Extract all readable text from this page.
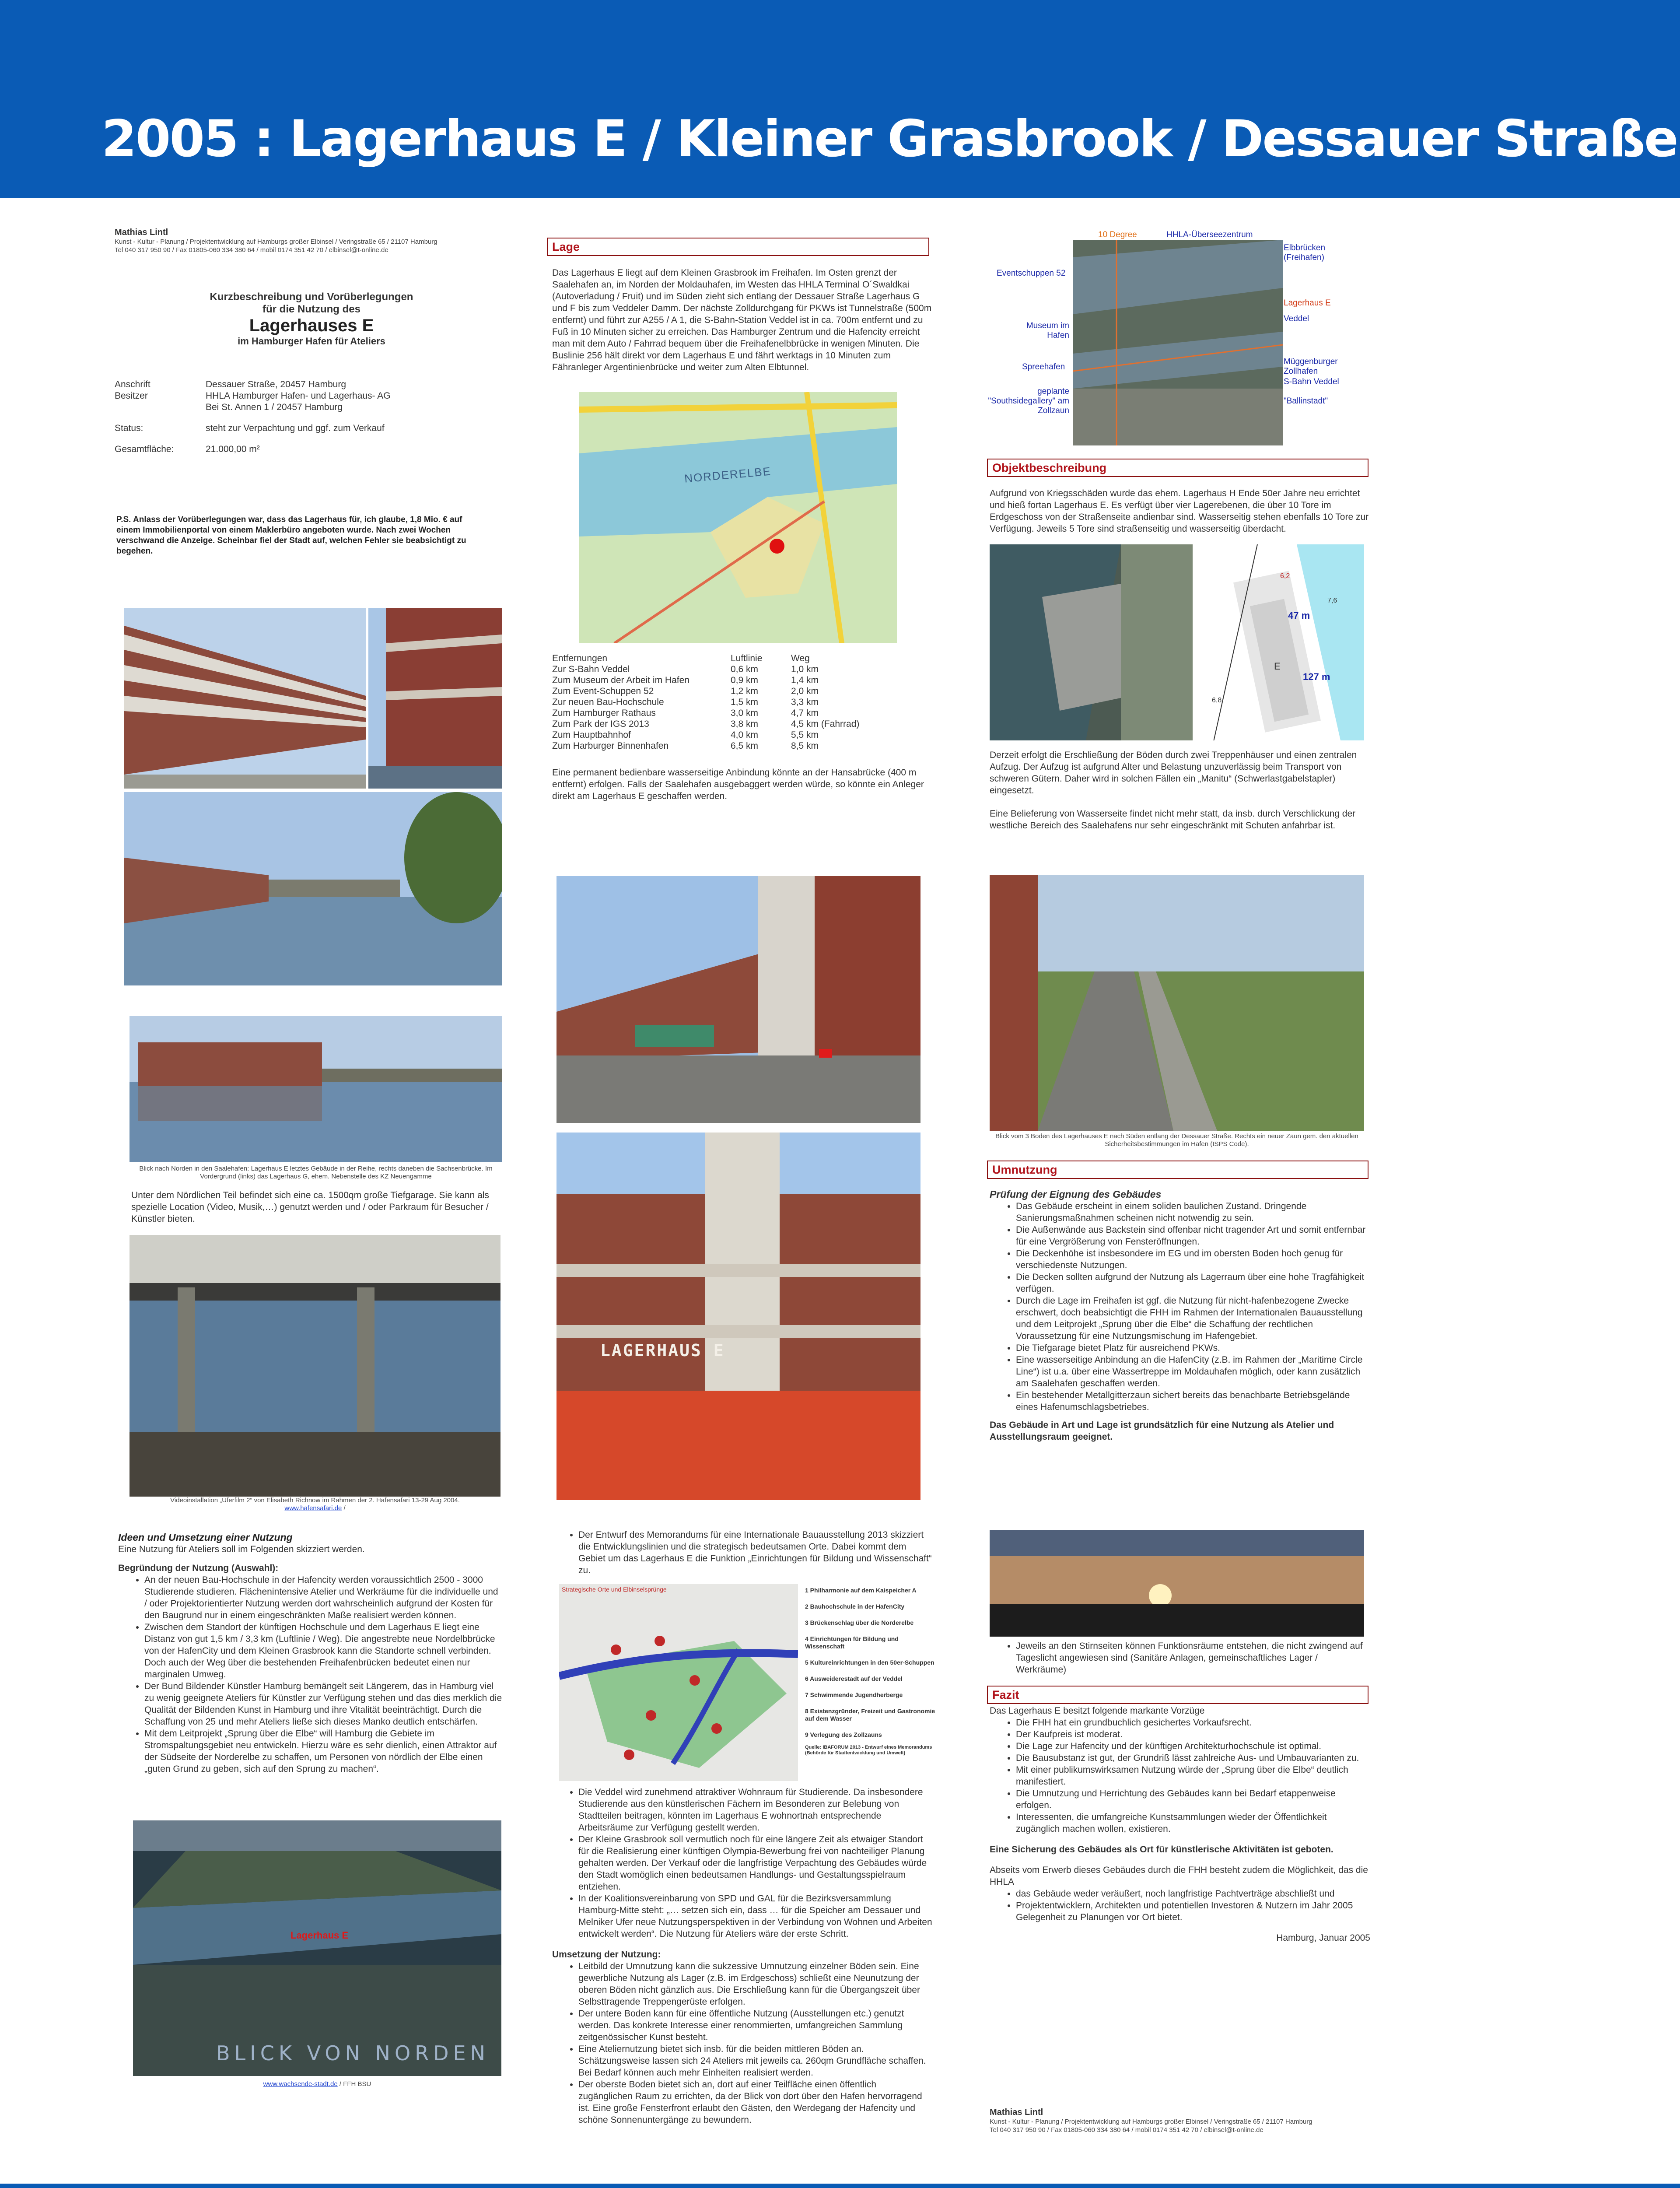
2005 : Lagerhaus E / Kleiner Grasbrook / Dessauer Straße
Mathias Lintl
Kunst - Kultur - Planung / Projektentwicklung auf Hamburgs großer Elbinsel / Veringstraße 65 / 21107 Hamburg
Tel 040 317 950 90 / Fax 01805-060 334 380 64 / mobil 0174 351 42 70 / elbinsel@t-online.de
Kurzbeschreibung und Vorüberlegungen
für die Nutzung des
Lagerhauses E
im Hamburger Hafen für Ateliers
Anschrift	Dessauer Straße, 20457 Hamburg
Besitzer	HHLA Hamburger Hafen- und Lagerhaus- AG
	Bei St. Annen 1 / 20457 Hamburg
Status:	steht zur Verpachtung und ggf. zum Verkauf
Gesamtfläche:	21.000,00 m²
P.S. Anlass der Vorüberlegungen war, dass das Lagerhaus für, ich glaube, 1,8 Mio. € auf einem Immobilienportal von einem Maklerbüro angeboten wurde. Nach zwei Wochen verschwand die Anzeige. Scheinbar fiel der Stadt auf, welchen Fehler sie beabsichtigt zu begehen.
Blick nach Norden in den Saalehafen: Lagerhaus E letztes Gebäude in der Reihe, rechts daneben die Sachsenbrücke. Im Vordergrund (links) das Lagerhaus G, ehem. Nebenstelle des KZ Neuengamme
Unter dem Nördlichen Teil befindet sich eine ca. 1500qm große Tiefgarage. Sie kann als spezielle Location (Video, Musik,…) genutzt werden und / oder Parkraum für Besucher / Künstler bieten.
Videoinstallation „Uferfilm 2“ von Elisabeth Richnow im Rahmen der 2. Hafensafari 13-29 Aug 2004.
www.hafensafari.de /
Ideen und Umsetzung einer Nutzung
Eine Nutzung für Ateliers soll im Folgenden skizziert werden.
Begründung der Nutzung (Auswahl):
• An der neuen Bau-Hochschule in der Hafencity werden voraussichtlich 2500 - 3000 Studierende studieren. Flächenintensive Atelier und Werkräume für die individuelle und / oder Projektorientierter Nutzung werden dort wahrscheinlich aufgrund der Kosten für den Baugrund nur in einem eingeschränkten Maße realisiert werden können.
• Zwischen dem Standort der künftigen Hochschule und dem Lagerhaus E liegt eine Distanz von gut 1,5 km / 3,3 km (Luftlinie / Weg). Die angestrebte neue Nordelbbrücke von der HafenCity und dem Kleinen Grasbrook kann die Standorte schnell verbinden. Doch auch der Weg über die bestehenden Freihafenbrücken bedeutet einen nur marginalen Umweg.
• Der Bund Bildender Künstler Hamburg bemängelt seit Längerem, das in Hamburg viel zu wenig geeignete Ateliers für Künstler zur Verfügung stehen und das dies merklich die Qualität der Bildenden Kunst in Hamburg und ihre Vitalität beeinträchtigt. Durch die Schaffung von 25 und mehr Ateliers ließe sich dieses Manko deutlich entschärfen.
• Mit dem Leitprojekt „Sprung über die Elbe“ will Hamburg die Gebiete im Stromspaltungsgebiet neu entwickeln. Hierzu wäre es sehr dienlich, einen Attraktor auf der Südseite der Norderelbe zu schaffen, um Personen von nördlich der Elbe einen „guten Grund zu geben, sich auf den Sprung zu machen“.
Lagerhaus E
BLICK VON NORDEN
www.wachsende-stadt.de / FFH BSU
Lage
Das Lagerhaus E liegt auf dem Kleinen Grasbrook im Freihafen. Im Osten grenzt der Saalehafen an, im Norden der Moldauhafen, im Westen das HHLA Terminal O´Swaldkai (Autoverladung / Fruit) und im Süden zieht sich entlang der Dessauer Straße Lagerhaus G und F bis zum Veddeler Damm. Der nächste Zolldurchgang für PKWs ist Tunnelstraße (500m entfernt) und führt zur A255 / A 1, die S-Bahn-Station Veddel ist in ca. 700m entfernt und zu Fuß in 10 Minuten sicher zu erreichen. Das Hamburger Zentrum und die Hafencity erreicht man mit dem Auto / Fahrrad bequem über die Freihafenelbbrücke in wenigen Minuten. Die Buslinie 256 hält direkt vor dem Lagerhaus E und fährt werktags in 10 Minuten zum Fähranleger Argentinienbrücke und weiter zum Alten Elbtunnel.
NORDERELBE
Entfernungen	Luftlinie	Weg
Zur S-Bahn Veddel	0,6 km	1,0 km
Zum Museum der Arbeit im Hafen	0,9 km	1,4 km
Zum Event-Schuppen 52	1,2 km	2,0 km
Zur neuen Bau-Hochschule	1,5 km	3,3 km
Zum Hamburger Rathaus	3,0 km	4,7 km
Zum Park der IGS 2013	3,8 km	4,5 km (Fahrrad)
Zum Hauptbahnhof	4,0 km	5,5 km
Zum Harburger Binnenhafen	6,5 km	8,5 km
Eine permanent bedienbare wasserseitige Anbindung könnte an der Hansabrücke (400 m entfernt) erfolgen. Falls der Saalehafen ausgebaggert werden würde, so könnte ein Anleger direkt am Lagerhaus E geschaffen werden.
LAGERHAUS E
• Der Entwurf des Memorandums für eine Internationale Bauausstellung 2013 skizziert die Entwicklungslinien und die strategisch bedeutsamen Orte. Dabei kommt dem Gebiet um das Lagerhaus E die Funktion „Einrichtungen für Bildung und Wissenschaft“ zu.
Strategische Orte und Elbinselsprünge	1 Philharmonie auf dem Kaispeicher A
2 Bauhochschule in der HafenCity
3 Brückenschlag über die Norderelbe
4 Einrichtungen für Bildung und Wissenschaft
5 Kultureinrichtungen in den 50er-Schuppen
6 Ausweiderestadt auf der Veddel
7 Schwimmende Jugendherberge
8 Existenzgründer, Freizeit und Gastronomie auf dem Wasser
9 Verlegung des Zollzauns
Quelle: IBAFORUM 2013 - Entwurf eines Memorandums (Behörde für Stadtentwicklung und Umwelt)
• Die Veddel wird zunehmend attraktiver Wohnraum für Studierende. Da insbesondere Studierende aus den künstlerischen Fächern im Besonderen zur Belebung von Stadtteilen beitragen, könnten im Lagerhaus E wohnortnah entsprechende Arbeitsräume zur Verfügung gestellt werden.
• Der Kleine Grasbrook soll vermutlich noch für eine längere Zeit als etwaiger Standort für die Realisierung einer künftigen Olympia-Bewerbung frei von nachteiliger Planung gehalten werden. Der Verkauf oder die langfristige Verpachtung des Gebäudes würde den Stadt womöglich einen bedeutsamen Handlungs- und Gestaltungsspielraum entziehen.
• In der Koalitionsvereinbarung von SPD und GAL für die Bezirksversammlung Hamburg-Mitte steht: „… setzen sich ein, dass … für die Speicher am Dessauer und Melniker Ufer neue Nutzungsperspektiven in der Verbindung von Wohnen und Arbeiten entwickelt werden“. Die Nutzung für Ateliers wäre der erste Schritt.
Umsetzung der Nutzung:
• Leitbild der Umnutzung kann die sukzessive Umnutzung einzelner Böden sein. Eine gewerbliche Nutzung als Lager (z.B. im Erdgeschoss) schließt eine Neunutzung der oberen Böden nicht gänzlich aus. Die Erschließung kann für die Übergangszeit über Selbsttragende Treppengerüste erfolgen.
• Der untere Boden kann für eine öffentliche Nutzung (Ausstellungen etc.) genutzt werden. Das konkrete Interesse einer renommierten, umfangreichen Sammlung zeitgenössischer Kunst besteht.
• Eine Ateliernutzung bietet sich insb. für die beiden mittleren Böden an. Schätzungsweise lassen sich 24 Ateliers mit jeweils ca. 260qm Grundfläche schaffen. Bei Bedarf können auch mehr Einheiten realisiert werden.
• Der oberste Boden bietet sich an, dort auf einer Teilfläche einen öffentlich zugänglichen Raum zu errichten, da der Blick von dort über den Hafen hervorragend ist. Eine große Fensterfront erlaubt den Gästen, den Werdegang der Hafencity und schöne Sonnenuntergänge zu bewundern.
10 Degree	HHLA-Überseezentrum
Elbbrücken (Freihafen)
Eventschuppen 52
Lagerhaus E
Museum im Hafen
Veddel
Spreehafen
Müggenburger Zollhafen
S-Bahn Veddel
geplante "Southsidegallery" am Zollzaun
"Ballinstadt"
Objektbeschreibung
Aufgrund von Kriegsschäden wurde das ehem. Lagerhaus H Ende 50er Jahre neu errichtet und hieß fortan Lagerhaus E. Es verfügt über vier Lagerebenen, die über 10 Tore im Erdgeschoss von der Straßenseite andienbar sind. Wasserseitig stehen ebenfalls 10 Tore zur Verfügung. Jeweils 5 Tore sind straßenseitig und wasserseitig überdacht.
47 m
127 m
E
6,2
7,6
6,8
Derzeit erfolgt die Erschließung der Böden durch zwei Treppenhäuser und einen zentralen Aufzug. Der Aufzug ist aufgrund Alter und Belastung unzuverlässig beim Transport von schweren Gütern. Daher wird in solchen Fällen ein „Manitu“ (Schwerlastgabelstapler) eingesetzt.
Eine Belieferung von Wasserseite findet nicht mehr statt, da insb. durch Verschlickung der westliche Bereich des Saalehafens nur sehr eingeschränkt mit Schuten anfahrbar ist.
Blick vom 3 Boden des Lagerhauses E nach Süden entlang der Dessauer Straße. Rechts ein neuer Zaun gem. den aktuellen Sicherheitsbestimmungen im Hafen (ISPS Code).
Umnutzung
Prüfung der Eignung des Gebäudes
• Das Gebäude erscheint in einem soliden baulichen Zustand. Dringende Sanierungsmaßnahmen scheinen nicht notwendig zu sein.
• Die Außenwände aus Backstein sind offenbar nicht tragender Art und somit entfernbar für eine Vergrößerung von Fensteröffnungen.
• Die Deckenhöhe ist insbesondere im EG und im obersten Boden hoch genug für verschiedenste Nutzungen.
• Die Decken sollten aufgrund der Nutzung als Lagerraum über eine hohe Tragfähigkeit verfügen.
• Durch die Lage im Freihafen ist ggf. die Nutzung für nicht-hafenbezogene Zwecke erschwert, doch beabsichtigt die FHH im Rahmen der Internationalen Bauausstellung und dem Leitprojekt „Sprung über die Elbe“ die Schaffung der rechtlichen Voraussetzung für eine Nutzungsmischung im Hafengebiet.
• Die Tiefgarage bietet Platz für ausreichend PKWs.
• Eine wasserseitige Anbindung an die HafenCity (z.B. im Rahmen der „Maritime Circle Line“) ist u.a. über eine Wassertreppe im Moldauhafen möglich, oder kann zusätzlich am Saalehafen geschaffen werden.
• Ein bestehender Metallgitterzaun sichert bereits das benachbarte Betriebsgelände eines Hafenumschlagsbetriebes.
Das Gebäude in Art und Lage ist grundsätzlich für eine Nutzung als Atelier und Ausstellungsraum geeignet.
• Jeweils an den Stirnseiten können Funktionsräume entstehen, die nicht zwingend auf Tageslicht angewiesen sind (Sanitäre Anlagen, gemeinschaftliches Lager / Werkräume)
Fazit
Das Lagerhaus E besitzt folgende markante Vorzüge
• Die FHH hat ein grundbuchlich gesichertes Vorkaufsrecht.
• Der Kaufpreis ist moderat.
• Die Lage zur Hafencity und der künftigen Architekturhochschule ist optimal.
• Die Bausubstanz ist gut, der Grundriß lässt zahlreiche Aus- und Umbauvarianten zu.
• Mit einer publikumswirksamen Nutzung würde der „Sprung über die Elbe“ deutlich manifestiert.
• Die Umnutzung und Herrichtung des Gebäudes kann bei Bedarf etappenweise erfolgen.
• Interessenten, die umfangreiche Kunstsammlungen wieder der Öffentlichkeit zugänglich machen wollen, existieren.
Eine Sicherung des Gebäudes als Ort für künstlerische Aktivitäten ist geboten.
Abseits vom Erwerb dieses Gebäudes durch die FHH besteht zudem die Möglichkeit, das die HHLA
• das Gebäude weder veräußert, noch langfristige Pachtverträge abschließt und
• Projektentwicklern, Architekten und potentiellen Investoren & Nutzern im Jahr 2005 Gelegenheit zu Planungen vor Ort bietet.
Hamburg, Januar 2005
Mathias Lintl
Kunst - Kultur - Planung / Projektentwicklung auf Hamburgs großer Elbinsel / Veringstraße 65 / 21107 Hamburg
Tel 040 317 950 90 / Fax 01805-060 334 380 64 / mobil 0174 351 42 70 / elbinsel@t-online.de
